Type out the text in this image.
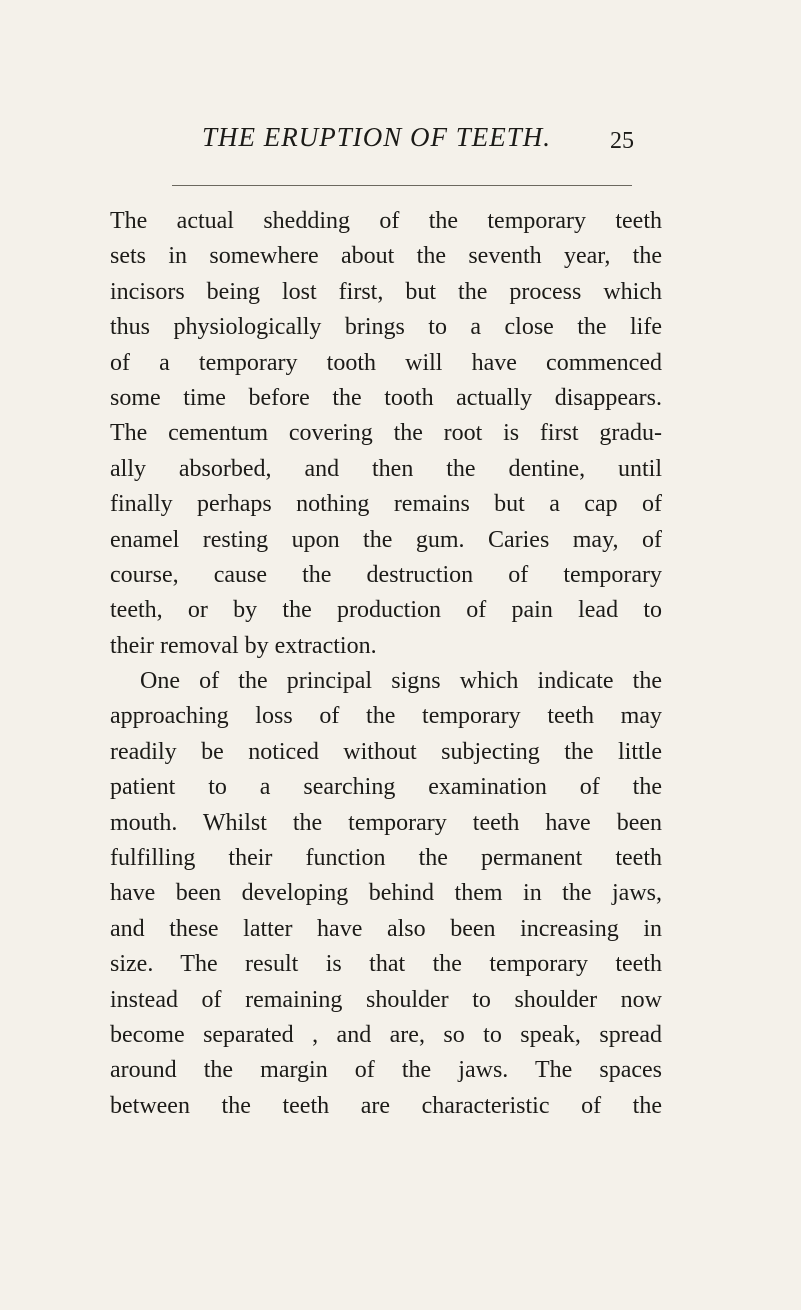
THE ERUPTION OF TEETH. 25
The actual shedding of the temporary teeth
sets in somewhere about the seventh year, the
incisors being lost first, but the process which
thus physiologically brings to a close the life
of a temporary tooth will have commenced
some time before the tooth actually disappears.
The cementum covering the root is first gradu-
ally absorbed, and then the dentine, until
finally perhaps nothing remains but a cap of
enamel resting upon the gum. Caries may, of
course, cause the destruction of temporary
teeth, or by the production of pain lead to
their removal by extraction.
One of the principal signs which indicate the
approaching loss of the temporary teeth may
readily be noticed without subjecting the little
patient to a searching examination of the
mouth. Whilst the temporary teeth have been
fulfilling their function the permanent teeth
have been developing behind them in the jaws,
and these latter have also been increasing in
size. The result is that the temporary teeth
instead of remaining shoulder to shoulder now
become separated , and are, so to speak, spread
around the margin of the jaws. The spaces
between the teeth are characteristic of the
